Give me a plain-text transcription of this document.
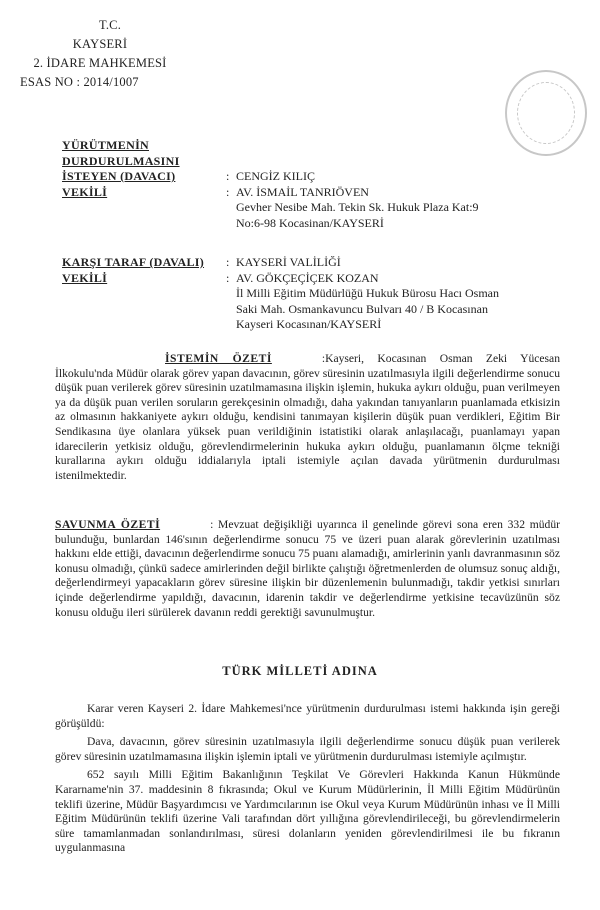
T.C.
KAYSERİ
2. İDARE MAHKEMESİ
ESAS NO : 2014/1007
YÜRÜTMENİN DURDURULMASINI
İSTEYEN (DAVACI)	: CENGİZ KILIÇ
VEKİLİ	: AV. İSMAİL TANRIÖVEN
Gevher Nesibe Mah. Tekin Sk. Hukuk Plaza Kat:9
No:6-98 Kocasinan/KAYSERİ
KARŞI TARAF (DAVALI)	: KAYSERİ VALİLİĞİ
VEKİLİ	: AV. GÖKÇEÇİÇEK KOZAN
İl Milli Eğitim Müdürlüğü Hukuk Bürosu Hacı Osman
Saki Mah. Osmankavuncu Bulvarı 40 / B Kocasınan
Kayseri Kocasınan/KAYSERİ

İSTEMİN ÖZETİ	:Kayseri, Kocasınan Osman Zeki Yücesan İlkokulu'nda Müdür olarak görev yapan davacının, görev süresinin uzatılmasıyla ilgili değerlendirme sonucu düşük puan verilerek görev süresinin uzatılmamasına ilişkin işlemin, hukuka aykırı olduğu, puan verilmeyen ya da düşük puan verilen soruların gerekçesinin olmadığı, daha yakından tanıyanların puanlamada etkisizin az olmasının hakkaniyete aykırı olduğu, kendisini tanımayan kişilerin düşük puan verdikleri, Eğitim Bir Sendikasına üye olanlara yüksek puan verildiğinin istatistiki olarak anlaşılacağı, puanlamayı yapan idarecilerin yetkisiz olduğu, görevlendirmelerinin hukuka aykırı olduğu, puanlamanın ölçme tekniği kurallarına aykırı olduğu iddialarıyla iptali istemiyle açılan davada yürütmenin durdurulması istenilmektedir.

SAVUNMA ÖZETİ	: Mevzuat değişikliği uyarınca il genelinde görevi sona eren 332 müdür bulunduğu, bunlardan 146'sının değerlendirme sonucu 75 ve üzeri puan alarak görevlerinin uzatılması hakkını elde ettiği, davacının değerlendirme sonucu 75 puanı alamadığı, amirlerinin yanlı davranmasının söz konusu olmadığı, çünkü sadece amirlerinden değil birlikte çalıştığı öğretmenlerden de olumsuz sonuç aldığı, değerlendirmeyi yapacakların görev süresine ilişkin bir düzenlemenin bulunmadığı, takdir yetkisi sınırları içinde değerlendirme yapıldığı, davacının, idarenin takdir ve değerlendirme yetkisine tecavüzünün söz konusu olduğu ileri sürülerek davanın reddi gerektiği savunulmuştur.

TÜRK MİLLETİ ADINA

Karar veren Kayseri 2. İdare Mahkemesi'nce yürütmenin durdurulması istemi hakkında işin gereği görüşüldü:

Dava, davacının, görev süresinin uzatılmasıyla ilgili değerlendirme sonucu düşük puan verilerek görev süresinin uzatılmamasına ilişkin işlemin iptali ve yürütmenin durdurulması istemiyle açılmıştır.

652 sayılı Milli Eğitim Bakanlığının Teşkilat Ve Görevleri Hakkında Kanun Hükmünde Kararname'nin 37. maddesinin 8 fıkrasında; Okul ve Kurum Müdürlerinin, İl Milli Eğitim Müdürünün teklifi üzerine, Müdür Başyardımcısı ve Yardımcılarının ise Okul veya Kurum Müdürünün inhası ve İl Milli Eğitim Müdürünün teklifi üzerine Vali tarafından dört yıllığına görevlendirileceği, bu görevlendirmelerin süre tamamlanmadan sonlandırılması, süresi dolanların yeniden görevlendirilmesi ile bu fıkranın uygulanmasına
